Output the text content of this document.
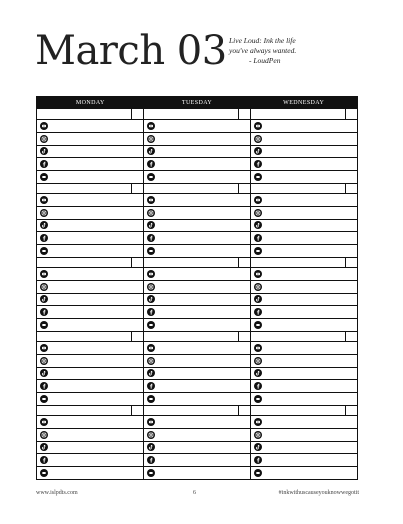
March 03 Live Loud: Ink the life
you've always wanted.
- LoudPen
MONDAY	TUESDAY	WEDNESDAY
www.islpdts.com	6	#inkwithuscauseyouknowwegotit
